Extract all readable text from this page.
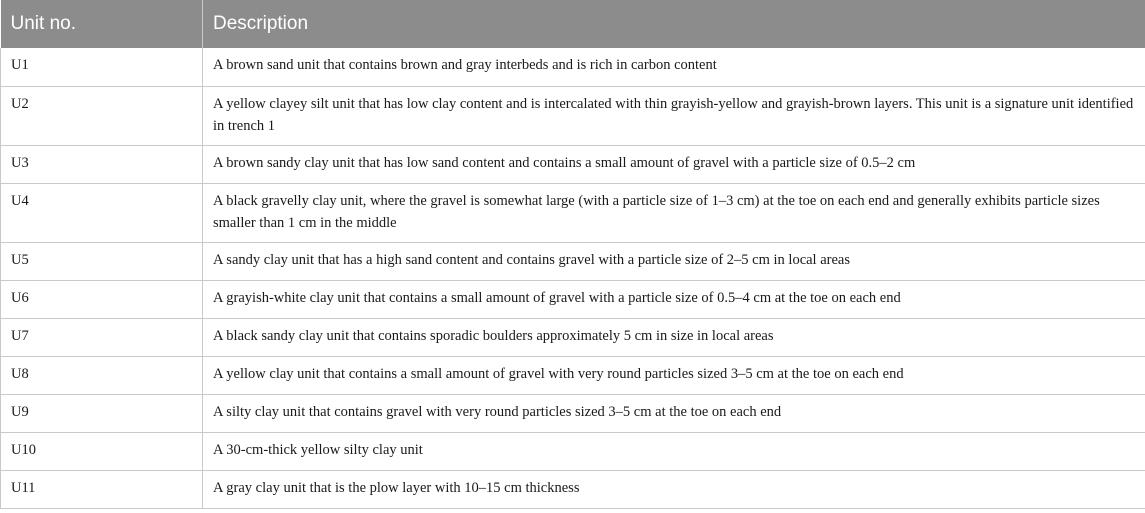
Unit no.	Description
U1	A brown sand unit that contains brown and gray interbeds and is rich in carbon content
U2	A yellow clayey silt unit that has low clay content and is intercalated with thin grayish-yellow and grayish-brown layers. This unit is a signature unit identified in trench 1
U3	A brown sandy clay unit that has low sand content and contains a small amount of gravel with a particle size of 0.5–2 cm
U4	A black gravelly clay unit, where the gravel is somewhat large (with a particle size of 1–3 cm) at the toe on each end and generally exhibits particle sizes smaller than 1 cm in the middle
U5	A sandy clay unit that has a high sand content and contains gravel with a particle size of 2–5 cm in local areas
U6	A grayish-white clay unit that contains a small amount of gravel with a particle size of 0.5–4 cm at the toe on each end
U7	A black sandy clay unit that contains sporadic boulders approximately 5 cm in size in local areas
U8	A yellow clay unit that contains a small amount of gravel with very round particles sized 3–5 cm at the toe on each end
U9	A silty clay unit that contains gravel with very round particles sized 3–5 cm at the toe on each end
U10	A 30-cm-thick yellow silty clay unit
U11	A gray clay unit that is the plow layer with 10–15 cm thickness
